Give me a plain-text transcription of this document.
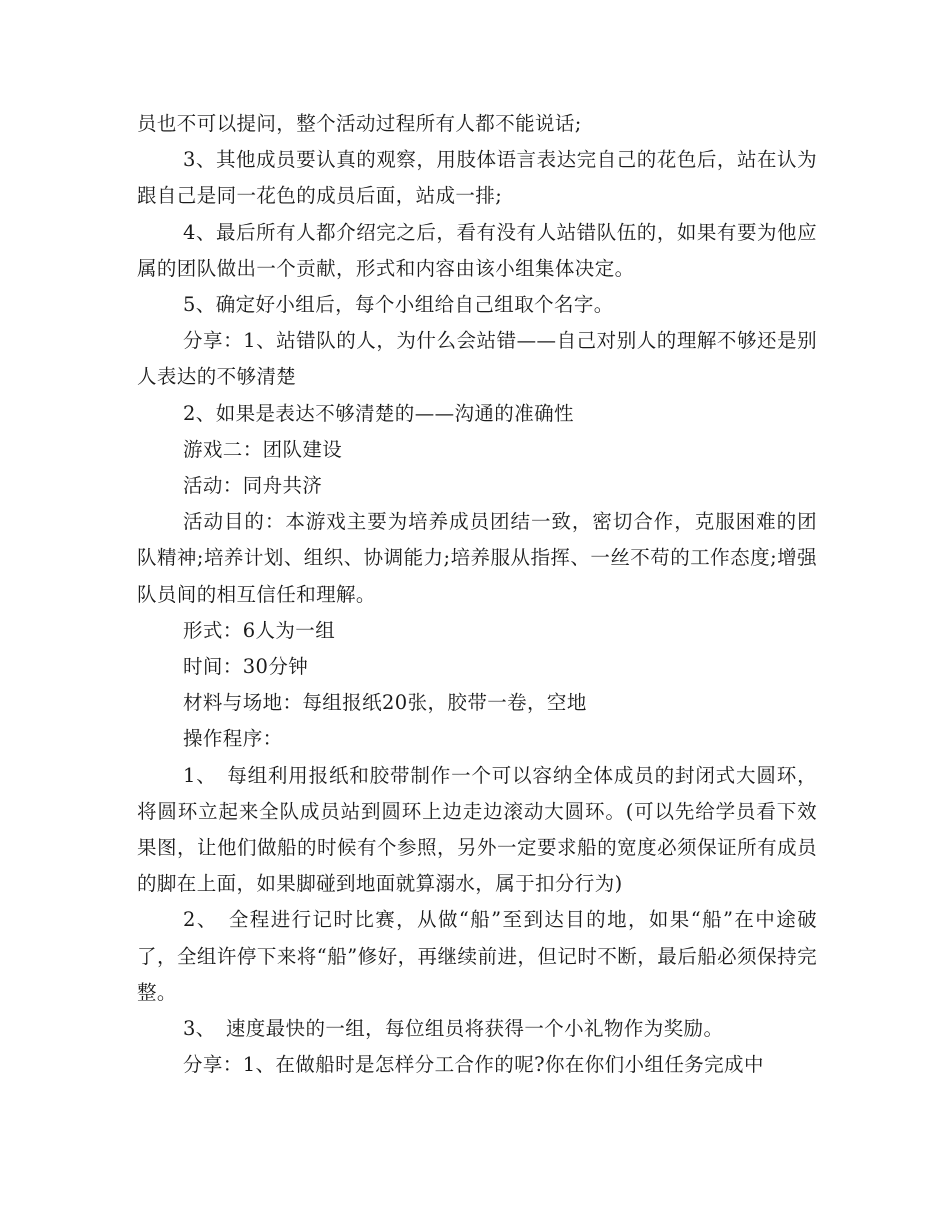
员也不可以提问，整个活动过程所有人都不能说话;

3、其他成员要认真的观察，用肢体语言表达完自己的花色后，站在认为跟自己是同一花色的成员后面，站成一排;

4、最后所有人都介绍完之后，看有没有人站错队伍的，如果有要为他应属的团队做出一个贡献，形式和内容由该小组集体决定。

5、确定好小组后，每个小组给自己组取个名字。

分享：1、站错队的人，为什么会站错——自己对别人的理解不够还是别人表达的不够清楚

2、如果是表达不够清楚的——沟通的准确性

游戏二：团队建设

活动：同舟共济

活动目的：本游戏主要为培养成员团结一致，密切合作，克服困难的团队精神;培养计划、组织、协调能力;培养服从指挥、一丝不苟的工作态度;增强队员间的相互信任和理解。

形式：6人为一组

时间：30分钟

材料与场地：每组报纸20张，胶带一卷，空地

操作程序：

1、　每组利用报纸和胶带制作一个可以容纳全体成员的封闭式大圆环，将圆环立起来全队成员站到圆环上边走边滚动大圆环。(可以先给学员看下效果图，让他们做船的时候有个参照，另外一定要求船的宽度必须保证所有成员的脚在上面，如果脚碰到地面就算溺水，属于扣分行为)

2、　全程进行记时比赛，从做“船”至到达目的地，如果“船”在中途破了，全组许停下来将“船”修好，再继续前进，但记时不断，最后船必须保持完整。

3、　速度最快的一组，每位组员将获得一个小礼物作为奖励。

分享：1、在做船时是怎样分工合作的呢?你在你们小组任务完成中
